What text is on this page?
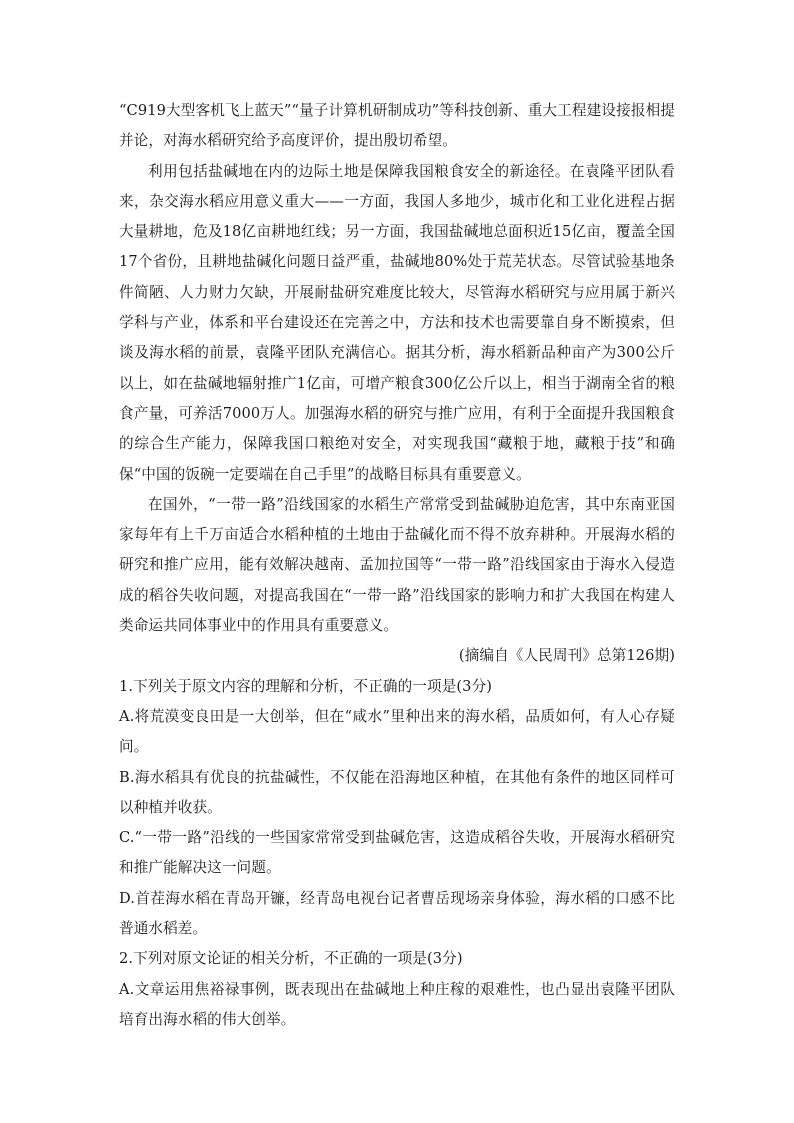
“C919大型客机飞上蓝天”“量子计算机研制成功”等科技创新、重大工程建设接报相提并论，对海水稻研究给予高度评价，提出殷切希望。

利用包括盐碱地在内的边际土地是保障我国粮食安全的新途径。在袁隆平团队看来，杂交海水稻应用意义重大——一方面，我国人多地少，城市化和工业化进程占据大量耕地，危及18亿亩耕地红线；另一方面，我国盐碱地总面积近15亿亩，覆盖全国17个省份，且耕地盐碱化问题日益严重，盐碱地80%处于荒芜状态。尽管试验基地条件简陋、人力财力欠缺，开展耐盐研究难度比较大，尽管海水稻研究与应用属于新兴学科与产业，体系和平台建设还在完善之中，方法和技术也需要靠自身不断摸索，但谈及海水稻的前景，袁隆平团队充满信心。据其分析，海水稻新品种亩产为300公斤以上，如在盐碱地辐射推广1亿亩，可增产粮食300亿公斤以上，相当于湖南全省的粮食产量，可养活7000万人。加强海水稻的研究与推广应用，有利于全面提升我国粮食的综合生产能力，保障我国口粮绝对安全，对实现我国“藏粮于地，藏粮于技”和确保“中国的饭碗一定要端在自己手里”的战略目标具有重要意义。

在国外，“一带一路”沿线国家的水稻生产常常受到盐碱胁迫危害，其中东南亚国家每年有上千万亩适合水稻种植的土地由于盐碱化而不得不放弃耕种。开展海水稻的研究和推广应用，能有效解决越南、孟加拉国等“一带一路”沿线国家由于海水入侵造成的稻谷失收问题，对提高我国在“一带一路”沿线国家的影响力和扩大我国在构建人类命运共同体事业中的作用具有重要意义。

(摘编自《人民周刊》总第126期)

1.下列关于原文内容的理解和分析，不正确的一项是(3分)

A.将荒漠变良田是一大创举，但在“咸水”里种出来的海水稻，品质如何，有人心存疑问。

B.海水稻具有优良的抗盐碱性，不仅能在沿海地区种植，在其他有条件的地区同样可以种植并收获。

C.“一带一路”沿线的一些国家常常受到盐碱危害，这造成稻谷失收，开展海水稻研究和推广能解决这一问题。

D.首茬海水稻在青岛开镰，经青岛电视台记者曹岳现场亲身体验，海水稻的口感不比普通水稻差。

2.下列对原文论证的相关分析，不正确的一项是(3分)

A.文章运用焦裕禄事例，既表现出在盐碱地上种庄稼的艰难性，也凸显出袁隆平团队培育出海水稻的伟大创举。
